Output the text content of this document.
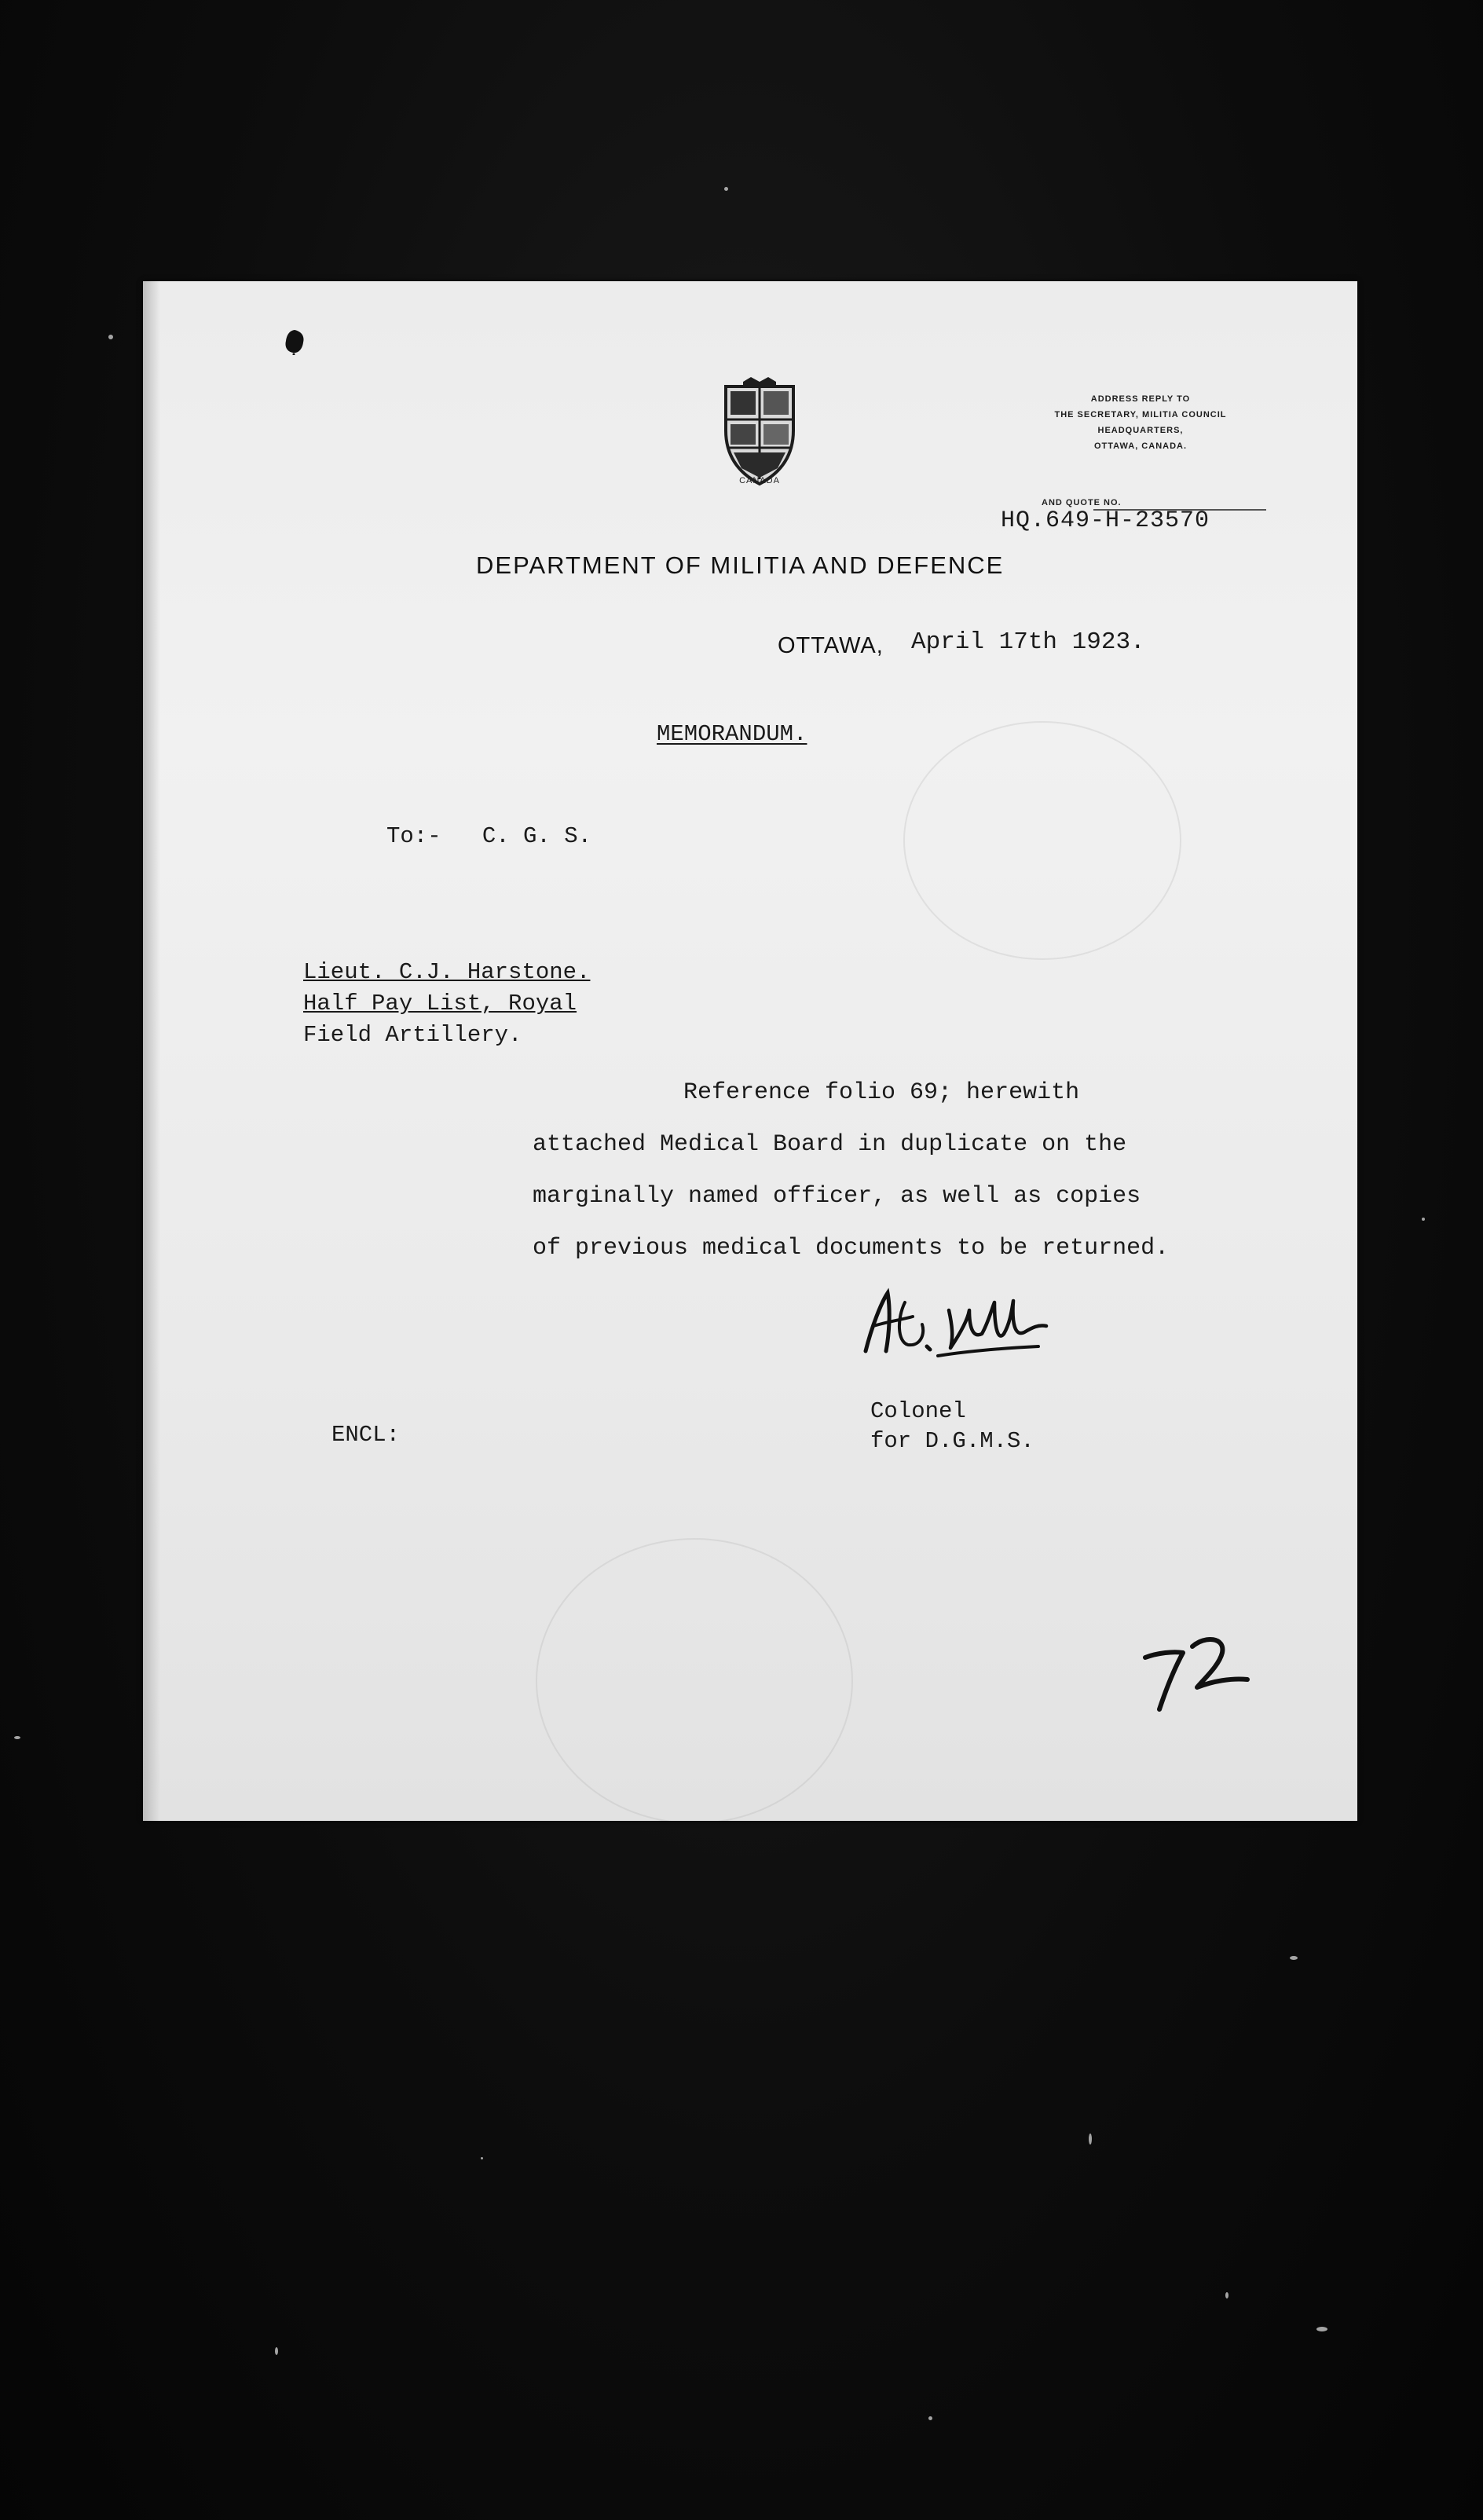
CANADA
ADDRESS REPLY TO
THE SECRETARY, MILITIA COUNCIL
HEADQUARTERS,
OTTAWA, CANADA.
AND QUOTE NO.
HQ.649-H-23570
DEPARTMENT OF MILITIA AND DEFENCE
OTTAWA, April 17th 1923.
MEMORANDUM.
To:-   C. G. S.
Lieut. C.J. Harstone.
Half Pay List, Royal
Field Artillery.
Reference folio 69; herewith
attached Medical Board in duplicate on the
marginally named officer, as well as copies
of previous medical documents to be returned.
Colonel
for D.G.M.S.
ENCL:
